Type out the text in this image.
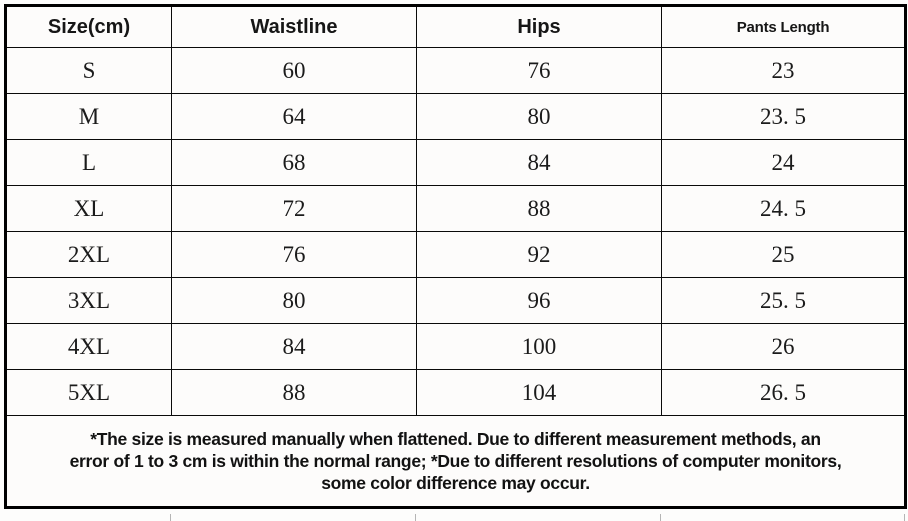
Size(cm)	Waistline	Hips	Pants Length
S	60	76	23
M	64	80	23. 5
L	68	84	24
XL	72	88	24. 5
2XL	76	92	25
3XL	80	96	25. 5
4XL	84	100	26
5XL	88	104	26. 5

*The size is measured manually when flattened. Due to different measurement methods, an
error of 1 to 3 cm is within the normal range; *Due to different resolutions of computer monitors,
some color difference may occur.			
